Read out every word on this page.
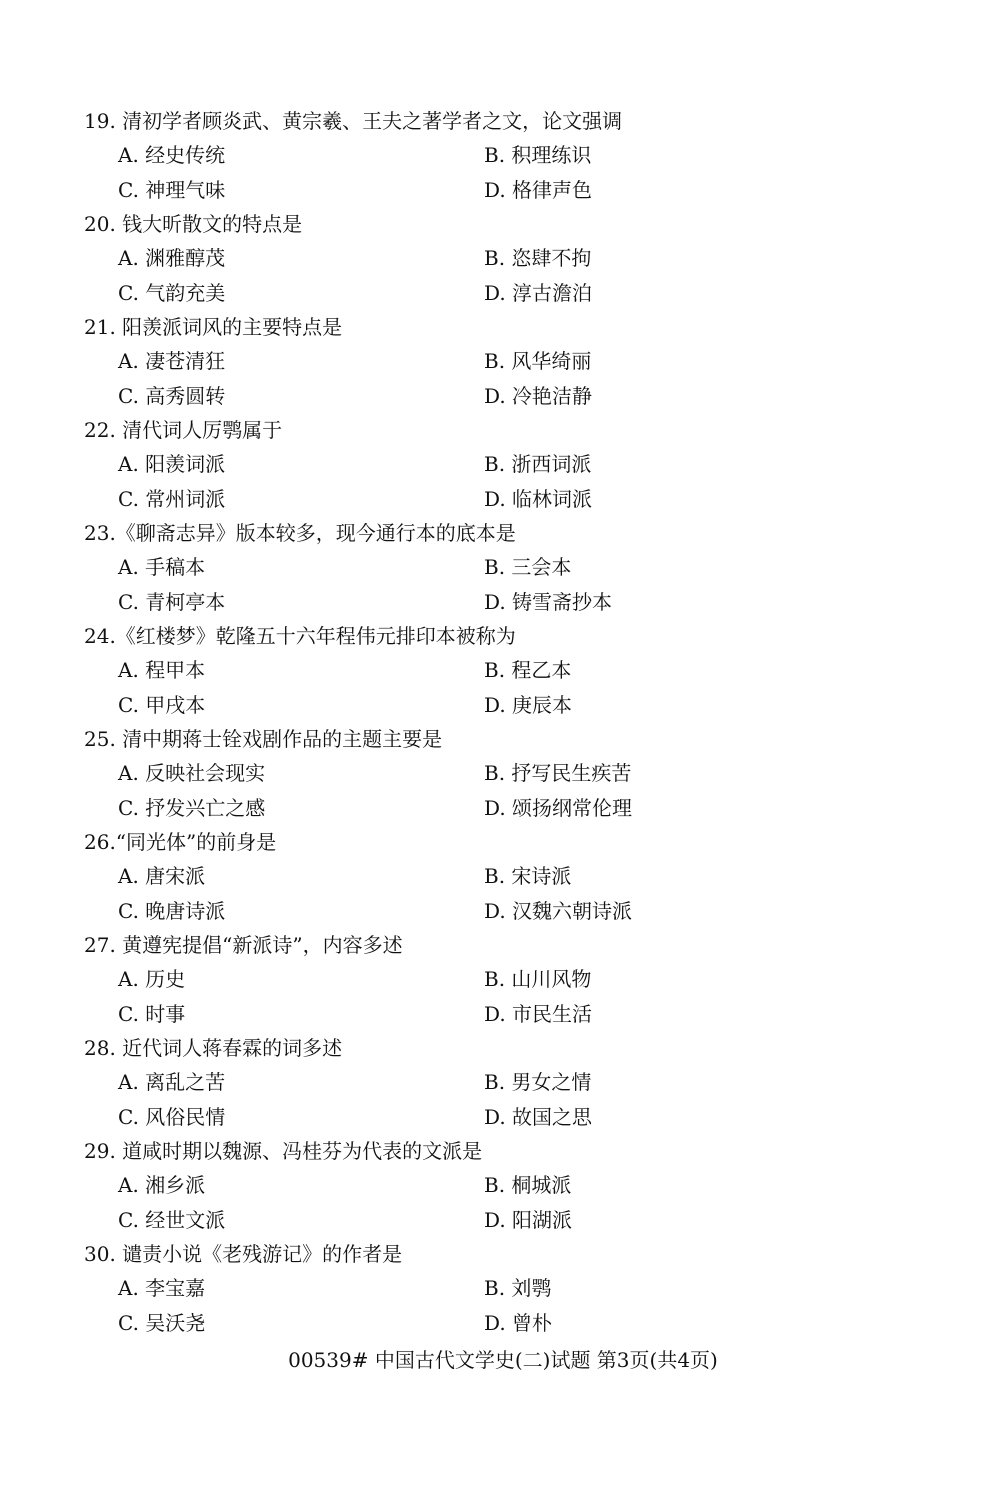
19. 清初学者顾炎武、黄宗羲、王夫之著学者之文，论文强调
A. 经史传统	B. 积理练识
C. 神理气味	D. 格律声色
20. 钱大昕散文的特点是
A. 渊雅醇茂	B. 恣肆不拘
C. 气韵充美	D. 淳古澹泊
21. 阳羡派词风的主要特点是
A. 凄苍清狂	B. 风华绮丽
C. 高秀圆转	D. 冷艳洁静
22. 清代词人厉鹗属于
A. 阳羡词派	B. 浙西词派
C. 常州词派	D. 临林词派
23.《聊斋志异》版本较多，现今通行本的底本是
A. 手稿本	B. 三会本
C. 青柯亭本	D. 铸雪斋抄本
24.《红楼梦》乾隆五十六年程伟元排印本被称为
A. 程甲本	B. 程乙本
C. 甲戌本	D. 庚辰本
25. 清中期蒋士铨戏剧作品的主题主要是
A. 反映社会现实	B. 抒写民生疾苦
C. 抒发兴亡之感	D. 颂扬纲常伦理
26.“同光体”的前身是
A. 唐宋派	B. 宋诗派
C. 晚唐诗派	D. 汉魏六朝诗派
27. 黄遵宪提倡“新派诗”，内容多述
A. 历史	B. 山川风物
C. 时事	D. 市民生活
28. 近代词人蒋春霖的词多述
A. 离乱之苦	B. 男女之情
C. 风俗民情	D. 故国之思
29. 道咸时期以魏源、冯桂芬为代表的文派是
A. 湘乡派	B. 桐城派
C. 经世文派	D. 阳湖派
30. 谴责小说《老残游记》的作者是
A. 李宝嘉	B. 刘鹗
C. 吴沃尧	D. 曾朴
00539# 中国古代文学史(二)试题 第3页(共4页)
